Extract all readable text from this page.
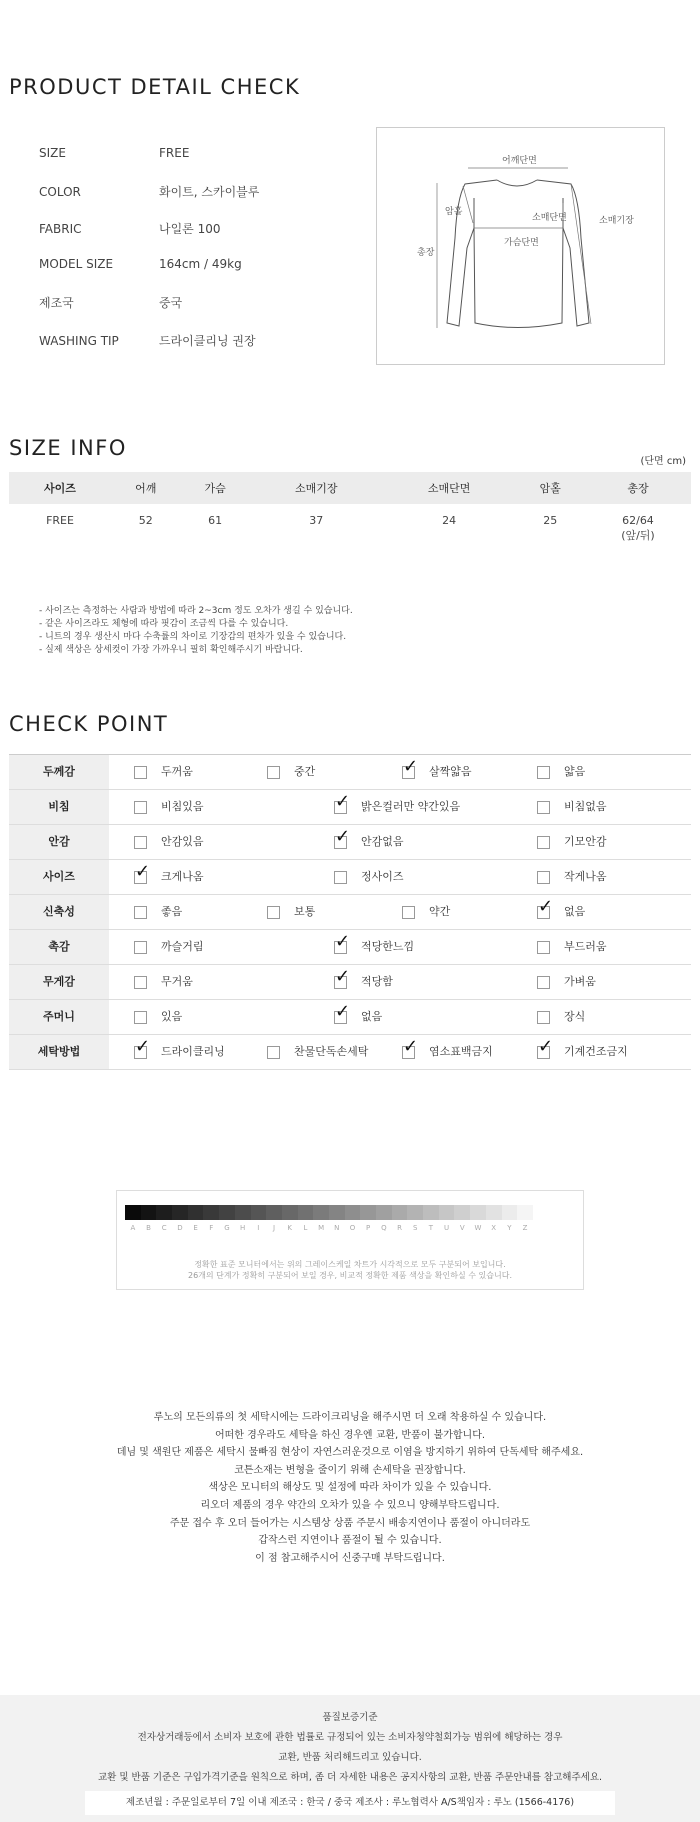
PRODUCT DETAIL CHECK
SIZE	FREE
COLOR	화이트, 스카이블루
FABRIC	나일론 100
MODEL SIZE	164cm / 49kg
제조국	중국
WASHING TIP	드라이클리닝 권장
어깨단면
암홀
소매단면	소매기장
가슴단면
총장
SIZE INFO
(단면 cm)
사이즈	어깨	가슴	소매기장	소매단면	암홀	총장
FREE	52	61	37	24	25	62/64
(앞/뒤)
- 사이즈는 측정하는 사람과 방법에 따라 2~3cm 정도 오차가 생길 수 있습니다.
- 같은 사이즈라도 체형에 따라 핏감이 조금씩 다를 수 있습니다.
- 니트의 경우 생산시 마다 수축률의 차이로 기장감의 편차가 있을 수 있습니다.
- 실제 색상은 상세컷이 가장 가까우니 필히 확인해주시기 바랍니다.
CHECK POINT
두께감	두꺼움	중간 ✓	살짝얇음	얇음
비침	비침있음 ✓	밝은컬러만 약간있음	비침없음
안감	안감있음 ✓	안감없음	기모안감
사이즈 ✓	크게나옴	정사이즈	작게나옴
신축성	좋음	보통	약간 ✓	없음
촉감	까슬거림 ✓	적당한느낌	부드러움
무게감	무거움 ✓	적당함	가벼움
주머니	있음 ✓	없음	장식
세탁방법 ✓	드라이클리닝	찬물단독손세탁 ✓	염소표백금지 ✓	기계건조금지
A	B	C	D	E	F	G	H	I	J	K	L	M	N	O	P	Q	R	S	T	U	V	W	X	Y	Z
정확한 표준 모니터에서는 위의 그레이스케일 차트가 시각적으로 모두 구분되어 보입니다.
26개의 단계가 정확히 구분되어 보일 경우, 비교적 정확한 제품 색상을 확인하실 수 있습니다.
루노의 모든의류의 첫 세탁시에는 드라이크리닝을 해주시면 더 오래 착용하실 수 있습니다.
어떠한 경우라도 세탁을 하신 경우엔 교환, 반품이 불가합니다.
데님 및 색원단 제품은 세탁시 물빠짐 현상이 자연스러운것으로 이염을 방지하기 위하여 단독세탁 해주세요.
코튼소재는 변형을 줄이기 위해 손세탁을 권장합니다.
색상은 모니터의 해상도 및 설정에 따라 차이가 있을 수 있습니다.
리오더 제품의 경우 약간의 오차가 있을 수 있으니 양해부탁드립니다.
주문 접수 후 오더 들어가는 시스템상 상품 주문시 배송지연이나 품절이 아니더라도
갑작스런 지연이나 품절이 될 수 있습니다.
이 점 참고해주시어 신중구매 부탁드립니다.
품질보증기준
전자상거래등에서 소비자 보호에 관한 법률로 규정되어 있는 소비자청약철회가능 범위에 해당하는 경우
교환, 반품 처리해드리고 있습니다.
교환 및 반품 기준은 구입가격기준을 원칙으로 하며, 좀 더 자세한 내용은 공지사항의 교환, 반품 주문안내를 참고해주세요.
제조년월 : 주문일로부터 7일 이내 제조국 : 한국 / 중국 제조사 : 루노협력사 A/S책임자 : 루노 (1566-4176)
